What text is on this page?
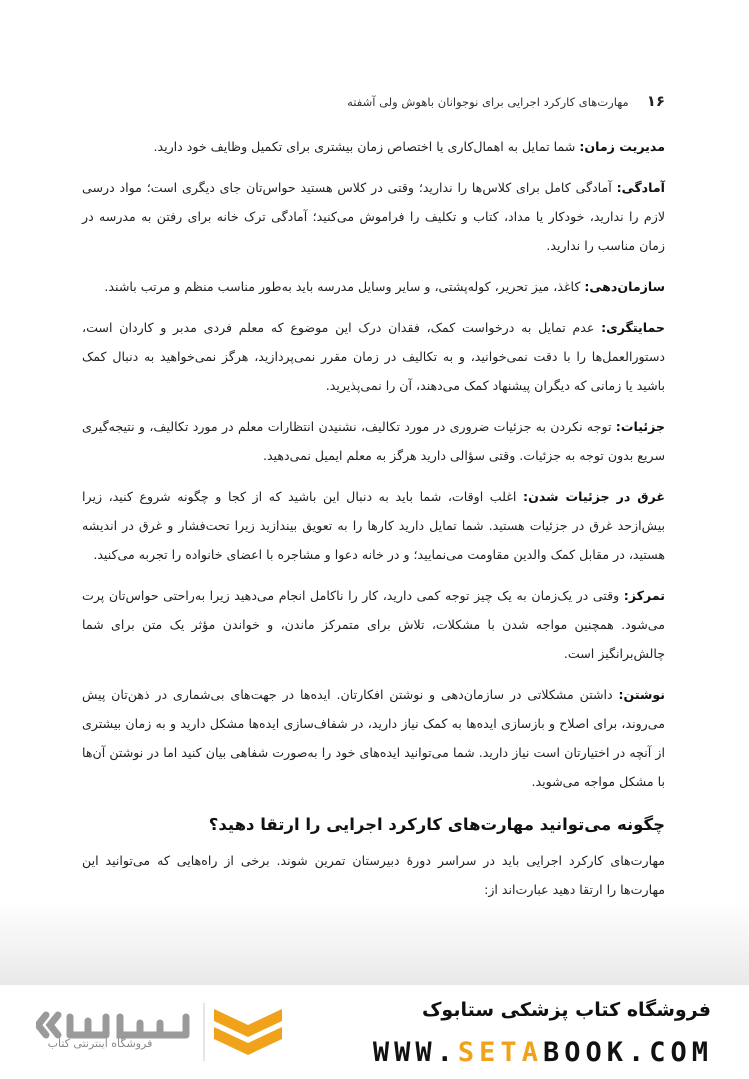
۱۶
مهارت‌های کارکرد اجرایی برای نوجوانان باهوش ولی آشفته

مدیریت زمان: شما تمایل به اهمال‌کاری یا اختصاص زمان بیشتری برای تکمیل وظایف خود دارید.

آمادگی: آمادگی کامل برای کلاس‌ها را ندارید؛ وقتی در کلاس هستید حواس‌تان جای دیگری است؛ مواد درسی لازم را ندارید، خودکار یا مداد، کتاب و تکلیف را فراموش می‌کنید؛ آمادگی ترک خانه برای رفتن به مدرسه در زمان مناسب را ندارید.

سازمان‌دهی: کاغذ، میز تحریر، کوله‌پشتی، و سایر وسایل مدرسه باید به‌طور مناسب منظم و مرتب باشند.

حمایتگری: عدم تمایل به درخواست کمک، فقدان درک این موضوع که معلم فردی مدبر و کاردان است، دستورالعمل‌ها را با دقت نمی‌خوانید، و به تکالیف در زمان مقرر نمی‌پردازید، هرگز نمی‌خواهید به دنبال کمک باشید یا زمانی که دیگران پیشنهاد کمک می‌دهند، آن را نمی‌پذیرید.

جزئیات: توجه نکردن به جزئیات ضروری در مورد تکالیف، نشنیدن انتظارات معلم در مورد تکالیف، و نتیجه‌گیری سریع بدون توجه به جزئیات. وقتی سؤالی دارید هرگز به معلم ایمیل نمی‌دهید.

غرق در جزئیات شدن: اغلب اوقات، شما باید به دنبال این باشید که از کجا و چگونه شروع کنید، زیرا بیش‌ازحد غرق در جزئیات هستید. شما تمایل دارید کارها را به تعویق بیندازید زیرا تحت‌فشار و غرق در اندیشه هستید، در مقابل کمک والدین مقاومت می‌نمایید؛ و در خانه دعوا و مشاجره با اعضای خانواده را تجربه می‌کنید.

تمرکز: وقتی در یک‌زمان به یک چیز توجه کمی دارید، کار را ناکامل انجام می‌دهید زیرا به‌راحتی حواس‌تان پرت می‌شود. همچنین مواجه شدن با مشکلات، تلاش برای متمرکز ماندن، و خواندن مؤثر یک متن برای شما چالش‌برانگیز است.

نوشتن: داشتن مشکلاتی در سازمان‌دهی و نوشتن افکارتان. ایده‌ها در جهت‌های بی‌شماری در ذهن‌تان پیش می‌روند، برای اصلاح و بازسازی ایده‌ها به کمک نیاز دارید، در شفاف‌سازی ایده‌ها مشکل دارید و به زمان بیشتری از آنچه در اختیارتان است نیاز دارید. شما می‌توانید ایده‌های خود را به‌صورت شفاهی بیان کنید اما در نوشتن آن‌ها با مشکل مواجه می‌شوید.

چگونه می‌توانید مهارت‌های کارکرد اجرایی را ارتقا دهید؟

مهارت‌های کارکرد اجرایی باید در سراسر دورهٔ دبیرستان تمرین شوند. برخی از راه‌هایی که می‌توانید این مهارت‌ها را ارتقا دهید عبارت‌اند از:

فروشگاه اینترنتی کتاب
فروشگاه کتاب پزشکی ستابوک
WWW.SETABOOK.COM
